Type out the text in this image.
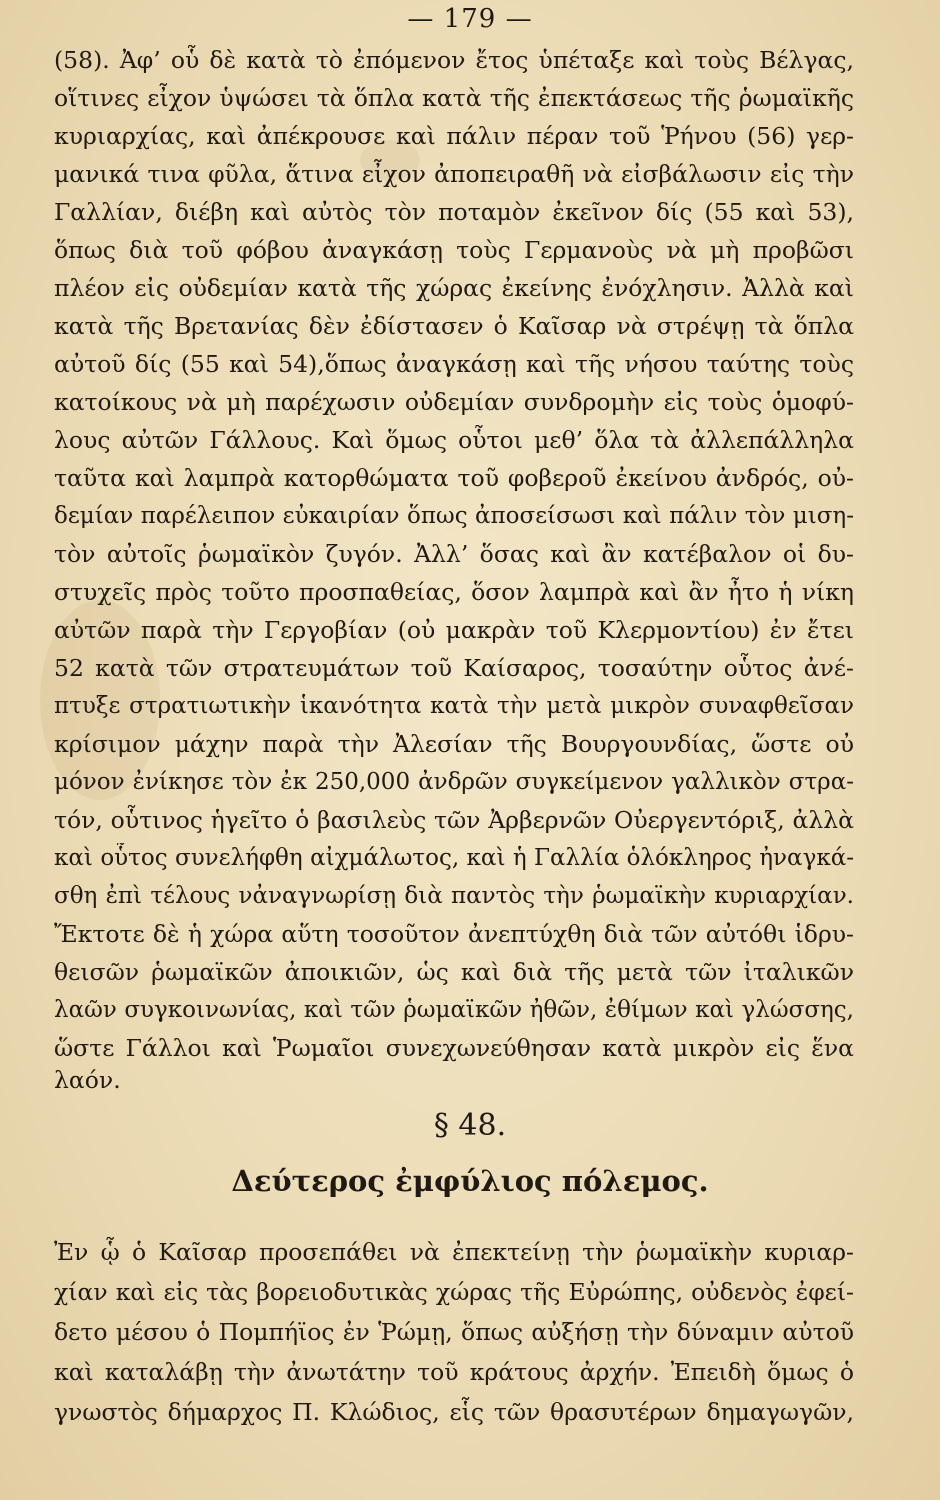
— 179 —
(58). Ἀφ’ οὗ δὲ κατὰ τὸ ἐπόμενον ἔτος ὑπέταξε καὶ τοὺς Βέλγας,
οἵτινες εἶχον ὑψώσει τὰ ὅπλα κατὰ τῆς ἐπεκτάσεως τῆς ῥωμαϊκῆς
κυριαρχίας, καὶ ἀπέκρουσε καὶ πάλιν πέραν τοῦ Ῥήνου (56) γερ-
μανικά τινα φῦλα, ἅτινα εἶχον ἀποπειραθῆ νὰ εἰσβάλωσιν εἰς τὴν
Γαλλίαν, διέβη καὶ αὐτὸς τὸν ποταμὸν ἐκεῖνον δίς (55 καὶ 53),
ὅπως διὰ τοῦ φόβου ἀναγκάσῃ τοὺς Γερμανοὺς νὰ μὴ προβῶσι
πλέον εἰς οὐδεμίαν κατὰ τῆς χώρας ἐκείνης ἐνόχλησιν. Ἀλλὰ καὶ
κατὰ τῆς Βρετανίας δὲν ἐδίστασεν ὁ Καῖσαρ νὰ στρέψῃ τὰ ὅπλα
αὐτοῦ δίς (55 καὶ 54),ὅπως ἀναγκάσῃ καὶ τῆς νήσου ταύτης τοὺς
κατοίκους νὰ μὴ παρέχωσιν οὐδεμίαν συνδρομὴν εἰς τοὺς ὁμοφύ-
λους αὐτῶν Γάλλους. Καὶ ὅμως οὗτοι μεθ’ ὅλα τὰ ἀλλεπάλληλα
ταῦτα καὶ λαμπρὰ κατορθώματα τοῦ φοβεροῦ ἐκείνου ἀνδρός, οὐ-
δεμίαν παρέλειπον εὐκαιρίαν ὅπως ἀποσείσωσι καὶ πάλιν τὸν μιση-
τὸν αὐτοῖς ῥωμαϊκὸν ζυγόν. Ἀλλ’ ὅσας καὶ ἂν κατέβαλον οἱ δυ-
στυχεῖς πρὸς τοῦτο προσπαθείας, ὅσον λαμπρὰ καὶ ἂν ἦτο ἡ νίκη
αὐτῶν παρὰ τὴν Γεργοβίαν (οὐ μακρὰν τοῦ Κλερμοντίου) ἐν ἔτει
52 κατὰ τῶν στρατευμάτων τοῦ Καίσαρος, τοσαύτην οὗτος ἀνέ-
πτυξε στρατιωτικὴν ἱκανότητα κατὰ τὴν μετὰ μικρὸν συναφθεῖσαν
κρίσιμον μάχην παρὰ τὴν Ἀλεσίαν τῆς Βουργουνδίας, ὥστε οὐ
μόνον ἐνίκησε τὸν ἐκ 250,000 ἀνδρῶν συγκείμενον γαλλικὸν στρα-
τόν, οὗτινος ἡγεῖτο ὁ βασιλεὺς τῶν Ἀρβερνῶν Οὐεργεντόριξ, ἀλλὰ
καὶ οὗτος συνελήφθη αἰχμάλωτος, καὶ ἡ Γαλλία ὁλόκληρος ἠναγκά-
σθη ἐπὶ τέλους νἀναγνωρίσῃ διὰ παντὸς τὴν ῥωμαϊκὴν κυριαρχίαν.
Ἔκτοτε δὲ ἡ χώρα αὕτη τοσοῦτον ἀνεπτύχθη διὰ τῶν αὐτόθι ἱδρυ-
θεισῶν ῥωμαϊκῶν ἀποικιῶν, ὡς καὶ διὰ τῆς μετὰ τῶν ἰταλικῶν
λαῶν συγκοινωνίας, καὶ τῶν ῥωμαϊκῶν ἠθῶν, ἐθίμων καὶ γλώσσης,
ὥστε Γάλλοι καὶ Ῥωμαῖοι συνεχωνεύθησαν κατὰ μικρὸν εἰς ἕνα
λαόν.
§ 48.
Δεύτερος ἐμφύλιος πόλεμος.
Ἐν ᾧ ὁ Καῖσαρ προσεπάθει νὰ ἐπεκτείνῃ τὴν ῥωμαϊκὴν κυριαρ-
χίαν καὶ εἰς τὰς βορειοδυτικὰς χώρας τῆς Εὐρώπης, οὐδενὸς ἐφεί-
δετο μέσου ὁ Πομπήϊος ἐν Ῥώμῃ, ὅπως αὐξήσῃ τὴν δύναμιν αὐτοῦ
καὶ καταλάβῃ τὴν ἀνωτάτην τοῦ κράτους ἀρχήν. Ἐπειδὴ ὅμως ὁ
γνωστὸς δήμαρχος Π. Κλώδιος, εἷς τῶν θρασυτέρων δημαγωγῶν,
